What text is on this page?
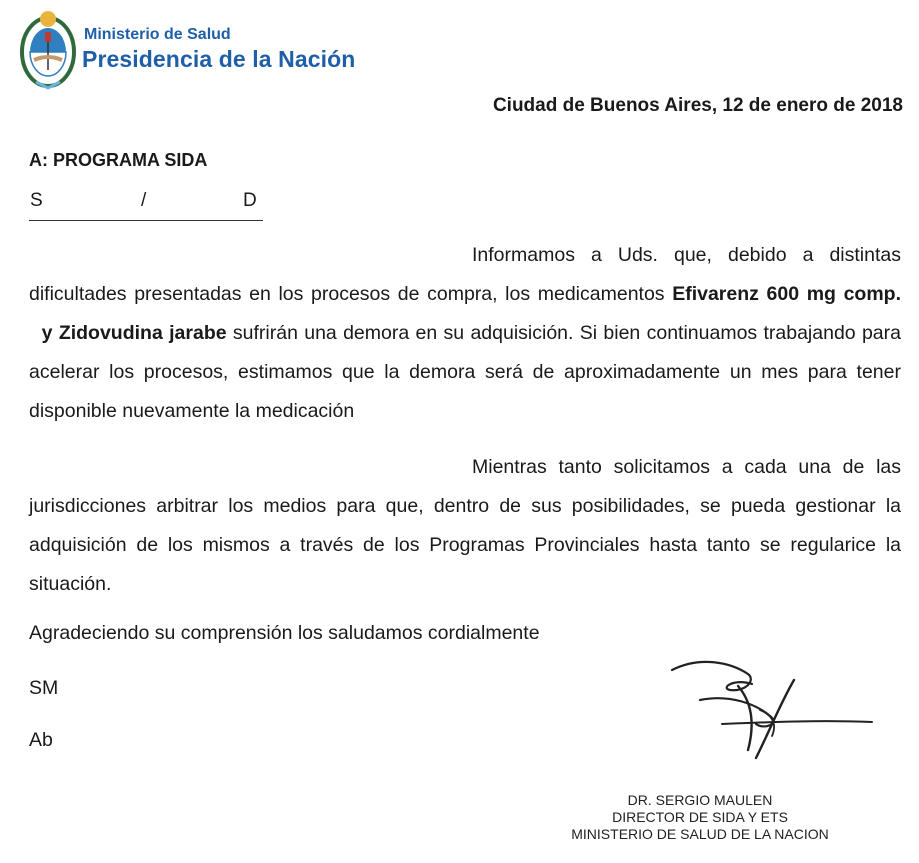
Ministerio de Salud
Presidencia de la Nación
Ciudad de Buenos Aires, 12 de enero de 2018
A: PROGRAMA SIDA
S	/	D
Informamos a Uds. que, debido a distintas dificultades presentadas en los procesos de compra, los medicamentos Efivarenz 600 mg comp.  y Zidovudina jarabe sufrirán una demora en su adquisición. Si bien continuamos trabajando para acelerar los procesos, estimamos que la demora será de aproximadamente un mes para tener disponible nuevamente la medicación
Mientras tanto solicitamos a cada una de las jurisdicciones arbitrar los medios para que, dentro de sus posibilidades, se pueda gestionar la adquisición de los mismos a través de los Programas Provinciales hasta tanto se regularice la situación.
Agradeciendo su comprensión los saludamos cordialmente
SM
Ab
DR. SERGIO MAULEN
DIRECTOR DE SIDA Y ETS
MINISTERIO DE SALUD DE LA NACION
